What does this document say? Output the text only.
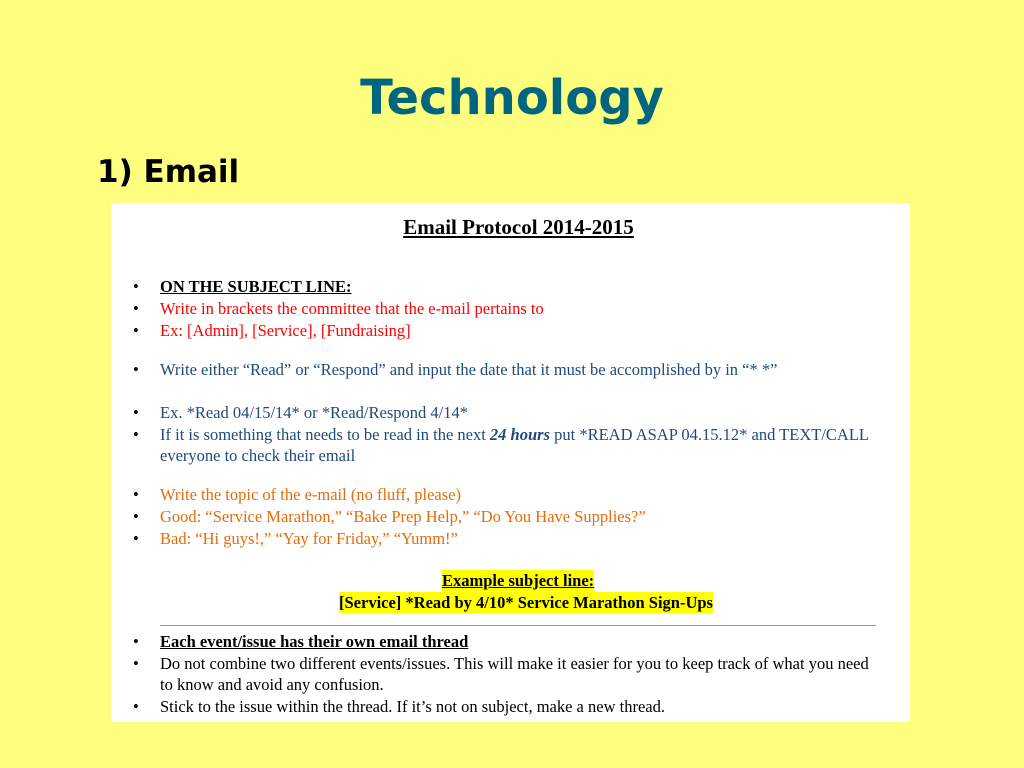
Technology
1) Email
Email Protocol 2014-2015
• ON THE SUBJECT LINE:
• Write in brackets the committee that the e-mail pertains to
• Ex: [Admin], [Service], [Fundraising]
• Write either “Read” or “Respond” and input the date that it must be accomplished by in “* *”
• Ex. *Read 04/15/14* or *Read/Respond 4/14*
• If it is something that needs to be read in the next 24 hours put *READ ASAP 04.15.12* and TEXT/CALL everyone to check their email
• Write the topic of the e-mail (no fluff, please)
• Good: “Service Marathon,” “Bake Prep Help,” “Do You Have Supplies?”
• Bad: “Hi guys!,” “Yay for Friday,” “Yumm!”
Example subject line:
[Service] *Read by 4/10* Service Marathon Sign-Ups
• Each event/issue has their own email thread
• Do not combine two different events/issues. This will make it easier for you to keep track of what you need to know and avoid any confusion.
• Stick to the issue within the thread. If it’s not on subject, make a new thread.
